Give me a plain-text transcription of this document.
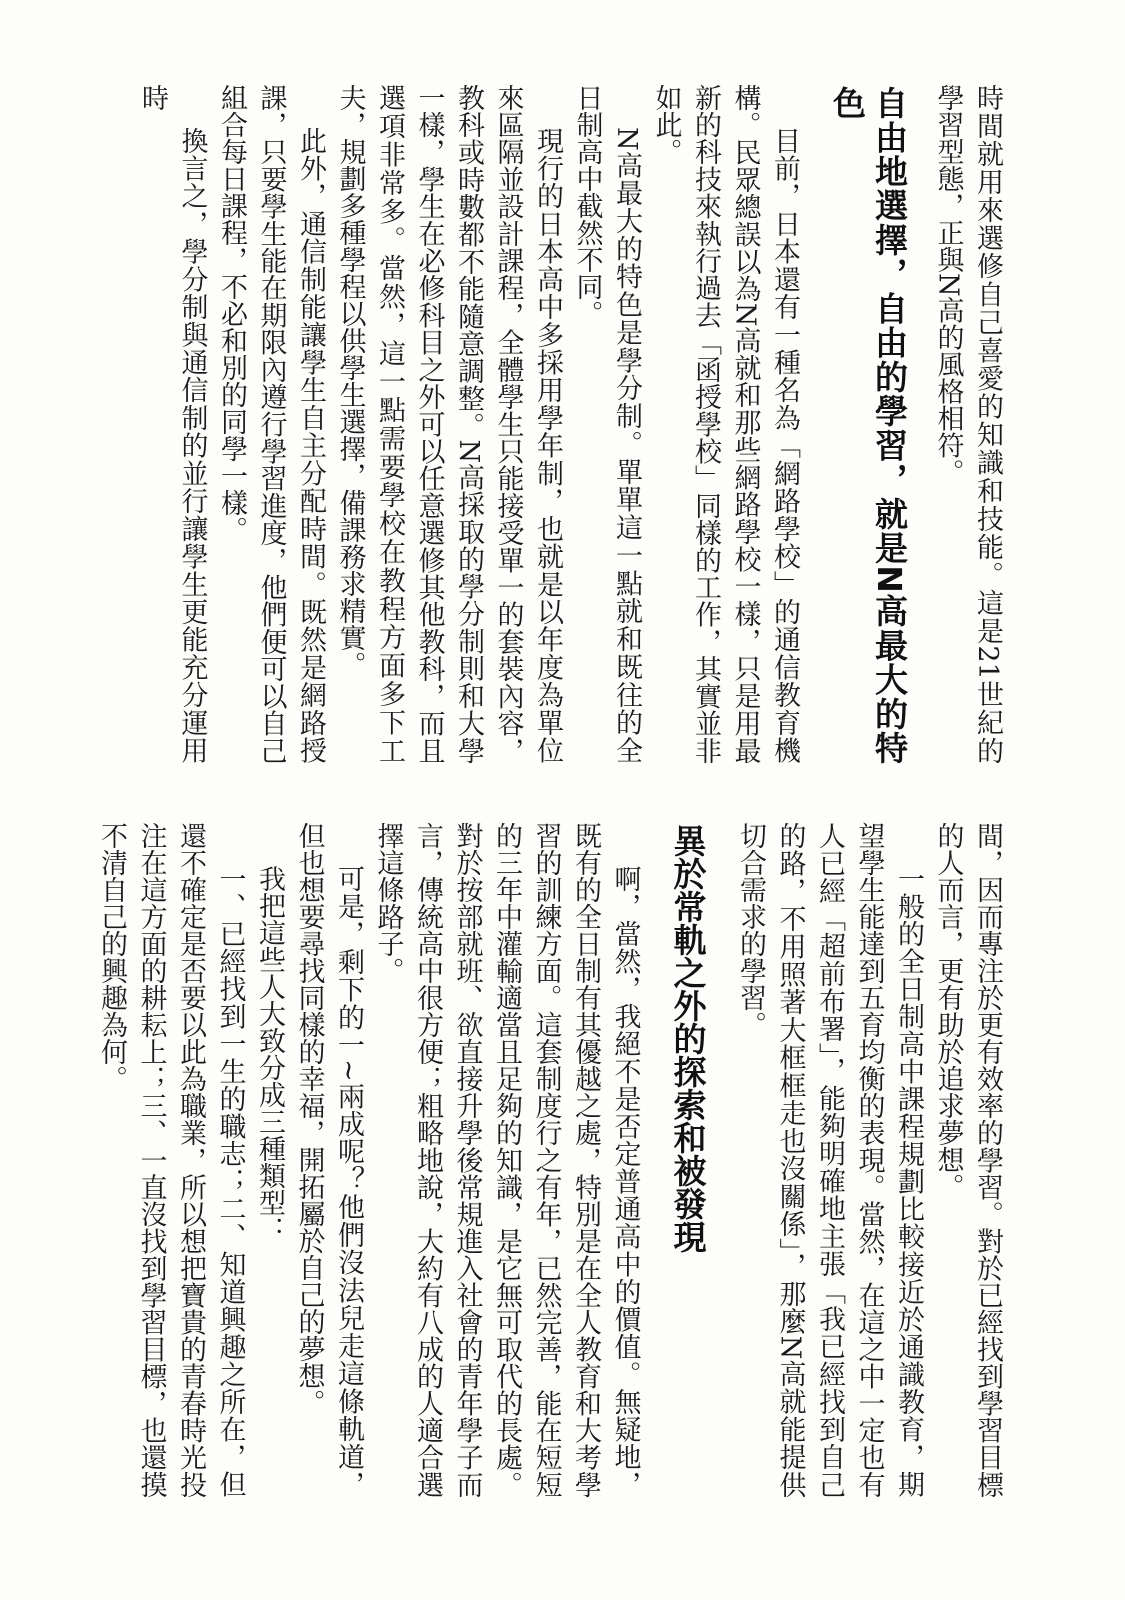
時間就用來選修自己喜愛的知識和技能。這是21世紀的學習型態，正與N高的風格相符。

自由地選擇，自由的學習，就是N高最大的特色

目前，日本還有一種名為「網路學校」的通信教育機構。民眾總誤以為N高就和那些網路學校一樣，只是用最新的科技來執行過去「函授學校」同樣的工作，其實並非如此。

N高最大的特色是學分制。單單這一點就和既往的全日制高中截然不同。

現行的日本高中多採用學年制，也就是以年度為單位來區隔並設計課程，全體學生只能接受單一的套裝內容，教科或時數都不能隨意調整。N高採取的學分制則和大學一樣，學生在必修科目之外可以任意選修其他教科，而且選項非常多。當然，這一點需要學校在教程方面多下工夫，規劃多種學程以供學生選擇，備課務求精實。

此外，通信制能讓學生自主分配時間。既然是網路授課，只要學生能在期限內遵行學習進度，他們便可以自己組合每日課程，不必和別的同學一樣。

換言之，學分制與通信制的並行讓學生更能充分運用時

間，因而專注於更有效率的學習。對於已經找到學習目標的人而言，更有助於追求夢想。

一般的全日制高中課程規劃比較接近於通識教育，期望學生能達到五育均衡的表現。當然，在這之中一定也有人已經「超前布署」，能夠明確地主張「我已經找到自己的路，不用照著大框框走也沒關係」，那麼N高就能提供切合需求的學習。

異於常軌之外的探索和被發現

啊，當然，我絕不是否定普通高中的價值。無疑地，既有的全日制有其優越之處，特別是在全人教育和大考學習的訓練方面。這套制度行之有年，已然完善，能在短短的三年中灌輸適當且足夠的知識，是它無可取代的長處。對於按部就班、欲直接升學後常規進入社會的青年學子而言，傳統高中很方便；粗略地說，大約有八成的人適合選擇這條路子。

可是，剩下的一~兩成呢？他們沒法兒走這條軌道，但也想要尋找同樣的幸福，開拓屬於自己的夢想。

我把這些人大致分成三種類型：

一、已經找到一生的職志；二、知道興趣之所在，但還不確定是否要以此為職業，所以想把寶貴的青春時光投注在這方面的耕耘上；三、一直沒找到學習目標，也還摸不清自己的興趣為何。
